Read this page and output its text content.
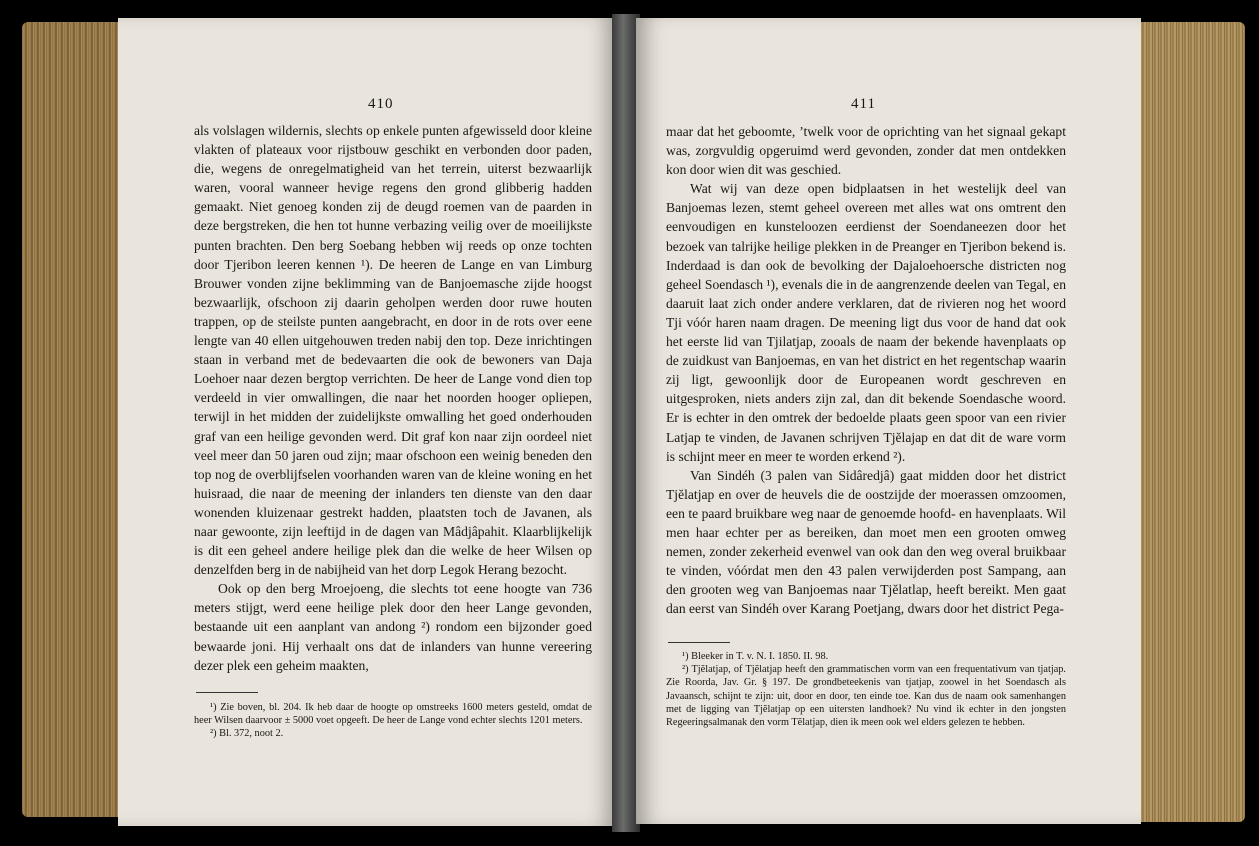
410

als volslagen wildernis, slechts op enkele punten afgewisseld door kleine vlakten of plateaux voor rijstbouw geschikt en verbonden door paden, die, wegens de onregelmatigheid van het terrein, uiterst bezwaarlijk waren, vooral wanneer hevige regens den grond glibberig hadden gemaakt. Niet genoeg konden zij de deugd roemen van de paarden in deze bergstreken, die hen tot hunne verbazing veilig over de moeilijkste punten brachten. Den berg Soebang hebben wij reeds op onze tochten door Tjeribon leeren kennen ¹). De heeren de Lange en van Limburg Brouwer vonden zijne beklimming van de Banjoemasche zijde hoogst bezwaarlijk, ofschoon zij daarin geholpen werden door ruwe houten trappen, op de steilste punten aangebracht, en door in de rots over eene lengte van 40 ellen uitgehouwen treden nabij den top. Deze inrichtingen staan in verband met de bedevaarten die ook de bewoners van Daja Loehoer naar dezen bergtop verrichten. De heer de Lange vond dien top verdeeld in vier omwallingen, die naar het noorden hooger opliepen, terwijl in het midden der zuidelijkste omwalling het goed onderhouden graf van een heilige gevonden werd. Dit graf kon naar zijn oordeel niet veel meer dan 50 jaren oud zijn; maar ofschoon een weinig beneden den top nog de overblijfselen voorhanden waren van de kleine woning en het huisraad, die naar de meening der inlanders ten dienste van den daar wonenden kluizenaar gestrekt hadden, plaatsten toch de Javanen, als naar gewoonte, zijn leeftijd in de dagen van Mâdjâpahit. Klaarblijkelijk is dit een geheel andere heilige plek dan die welke de heer Wilsen op denzelfden berg in de nabijheid van het dorp Legok Herang bezocht.

Ook op den berg Mroejoeng, die slechts tot eene hoogte van 736 meters stijgt, werd eene heilige plek door den heer Lange gevonden, bestaande uit een aanplant van andong ²) rondom een bijzonder goed bewaarde joni. Hij verhaalt ons dat de inlanders van hunne vereering dezer plek een geheim maakten,

¹) Zie boven, bl. 204. Ik heb daar de hoogte op omstreeks 1600 meters gesteld, omdat de heer Wilsen daarvoor ± 5000 voet opgeeft. De heer de Lange vond echter slechts 1201 meters.

²) Bl. 372, noot 2.

411

maar dat het geboomte, ’twelk voor de oprichting van het signaal gekapt was, zorgvuldig opgeruimd werd gevonden, zonder dat men ontdekken kon door wien dit was geschied.

Wat wij van deze open bidplaatsen in het westelijk deel van Banjoemas lezen, stemt geheel overeen met alles wat ons omtrent den eenvoudigen en kunsteloozen eerdienst der Soendaneezen door het bezoek van talrijke heilige plekken in de Preanger en Tjeribon bekend is. Inderdaad is dan ook de bevolking der Dajaloehoersche districten nog geheel Soendasch ¹), evenals die in de aangrenzende deelen van Tegal, en daaruit laat zich onder andere verklaren, dat de rivieren nog het woord Tji vóór haren naam dragen. De meening ligt dus voor de hand dat ook het eerste lid van Tjilatjap, zooals de naam der bekende havenplaats op de zuidkust van Banjoemas, en van het district en het regentschap waarin zij ligt, gewoonlijk door de Europeanen wordt geschreven en uitgesproken, niets anders zijn zal, dan dit bekende Soendasche woord. Er is echter in den omtrek der bedoelde plaats geen spoor van een rivier Latjap te vinden, de Javanen schrijven Tjĕlajap en dat dit de ware vorm is schijnt meer en meer te worden erkend ²).

Van Sindéh (3 palen van Sidâredjâ) gaat midden door het district Tjĕlatjap en over de heuvels die de oostzijde der moerassen omzoomen, een te paard bruikbare weg naar de genoemde hoofd- en havenplaats. Wil men haar echter per as bereiken, dan moet men een grooten omweg nemen, zonder zekerheid evenwel van ook dan den weg overal bruikbaar te vinden, vóórdat men den 43 palen verwijderden post Sampang, aan den grooten weg van Banjoemas naar Tjĕlatlap, heeft bereikt. Men gaat dan eerst van Sindéh over Karang Poetjang, dwars door het district Pega-

¹) Bleeker in T. v. N. I. 1850. II. 98.

²) Tjĕlatjap, of Tjĕlatjap heeft den grammatischen vorm van een frequentativum van tjatjap. Zie Roorda, Jav. Gr. § 197. De grondbeteekenis van tjatjap, zoowel in het Soendasch als Javaansch, schijnt te zijn: uit, door en door, ten einde toe. Kan dus de naam ook samenhangen met de ligging van Tjĕlatjap op een uitersten landhoek? Nu vind ik echter in den jongsten Regeeringsalmanak den vorm Tĕlatjap, dien ik meen ook wel elders gelezen te hebben.
